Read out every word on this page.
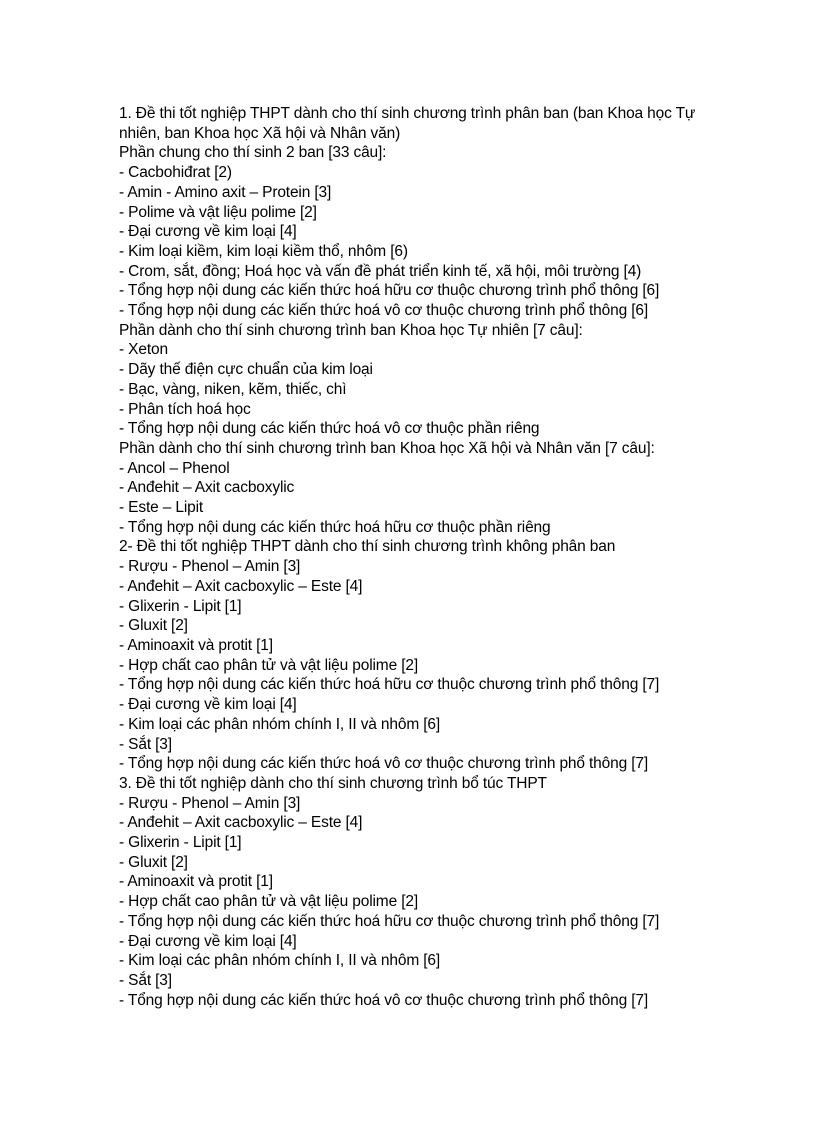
1. Đề thi tốt nghiệp THPT dành cho thí sinh chương trình phân ban (ban Khoa học Tự nhiên, ban Khoa học Xã hội và Nhân văn)
Phần chung cho thí sinh 2 ban [33 câu]:
- Cacbohiđrat [2)
- Amin - Amino axit – Protein [3]
- Polime và vật liệu polime [2]
- Đại cương về kim loại [4]
- Kim loại kiềm, kim loại kiềm thổ, nhôm [6)
- Crom, sắt, đồng; Hoá học và vấn đề phát triển kinh tế, xã hội, môi trường [4)
- Tổng hợp nội dung các kiến thức hoá hữu cơ thuộc chương trình phổ thông [6]
- Tổng hợp nội dung các kiến thức hoá vô cơ thuộc chương trình phổ thông [6]
Phần dành cho thí sinh chương trình ban Khoa học Tự nhiên [7 câu]:
- Xeton
- Dãy thế điện cực chuẩn của kim loại
- Bạc, vàng, niken, kẽm, thiếc, chì
- Phân tích hoá học
- Tổng hợp nội dung các kiến thức hoá vô cơ thuộc phần riêng
Phần dành cho thí sinh chương trình ban Khoa học Xã hội và Nhân văn [7 câu]:
- Ancol – Phenol
- Anđehit – Axit cacboxylic
- Este – Lipit
- Tổng hợp nội dung các kiến thức hoá hữu cơ thuộc phần riêng
2- Đề thi tốt nghiệp THPT dành cho thí sinh chương trình không phân ban
- Rượu - Phenol – Amin [3]
- Anđehit – Axit cacboxylic – Este [4]
- Glixerin - Lipit [1]
- Gluxit [2]
- Aminoaxit và protit [1]
- Hợp chất cao phân tử và vật liệu polime [2]
- Tổng hợp nội dung các kiến thức hoá hữu cơ thuộc chương trình phổ thông [7]
- Đại cương về kim loại [4]
- Kim loại các phân nhóm chính I, II và nhôm [6]
- Sắt [3]
- Tổng hợp nội dung các kiến thức hoá vô cơ thuộc chương trình phổ thông [7]
3. Đề thi tốt nghiệp dành cho thí sinh chương trình bổ túc THPT
- Rượu - Phenol – Amin [3]
- Anđehit – Axit cacboxylic – Este [4]
- Glixerin - Lipit [1]
- Gluxit [2]
- Aminoaxit và protit [1]
- Hợp chất cao phân tử và vật liệu polime [2]
- Tổng hợp nội dung các kiến thức hoá hữu cơ thuộc chương trình phổ thông [7]
- Đại cương về kim loại [4]
- Kim loại các phân nhóm chính I, II và nhôm [6]
- Sắt [3]
- Tổng hợp nội dung các kiến thức hoá vô cơ thuộc chương trình phổ thông [7]
